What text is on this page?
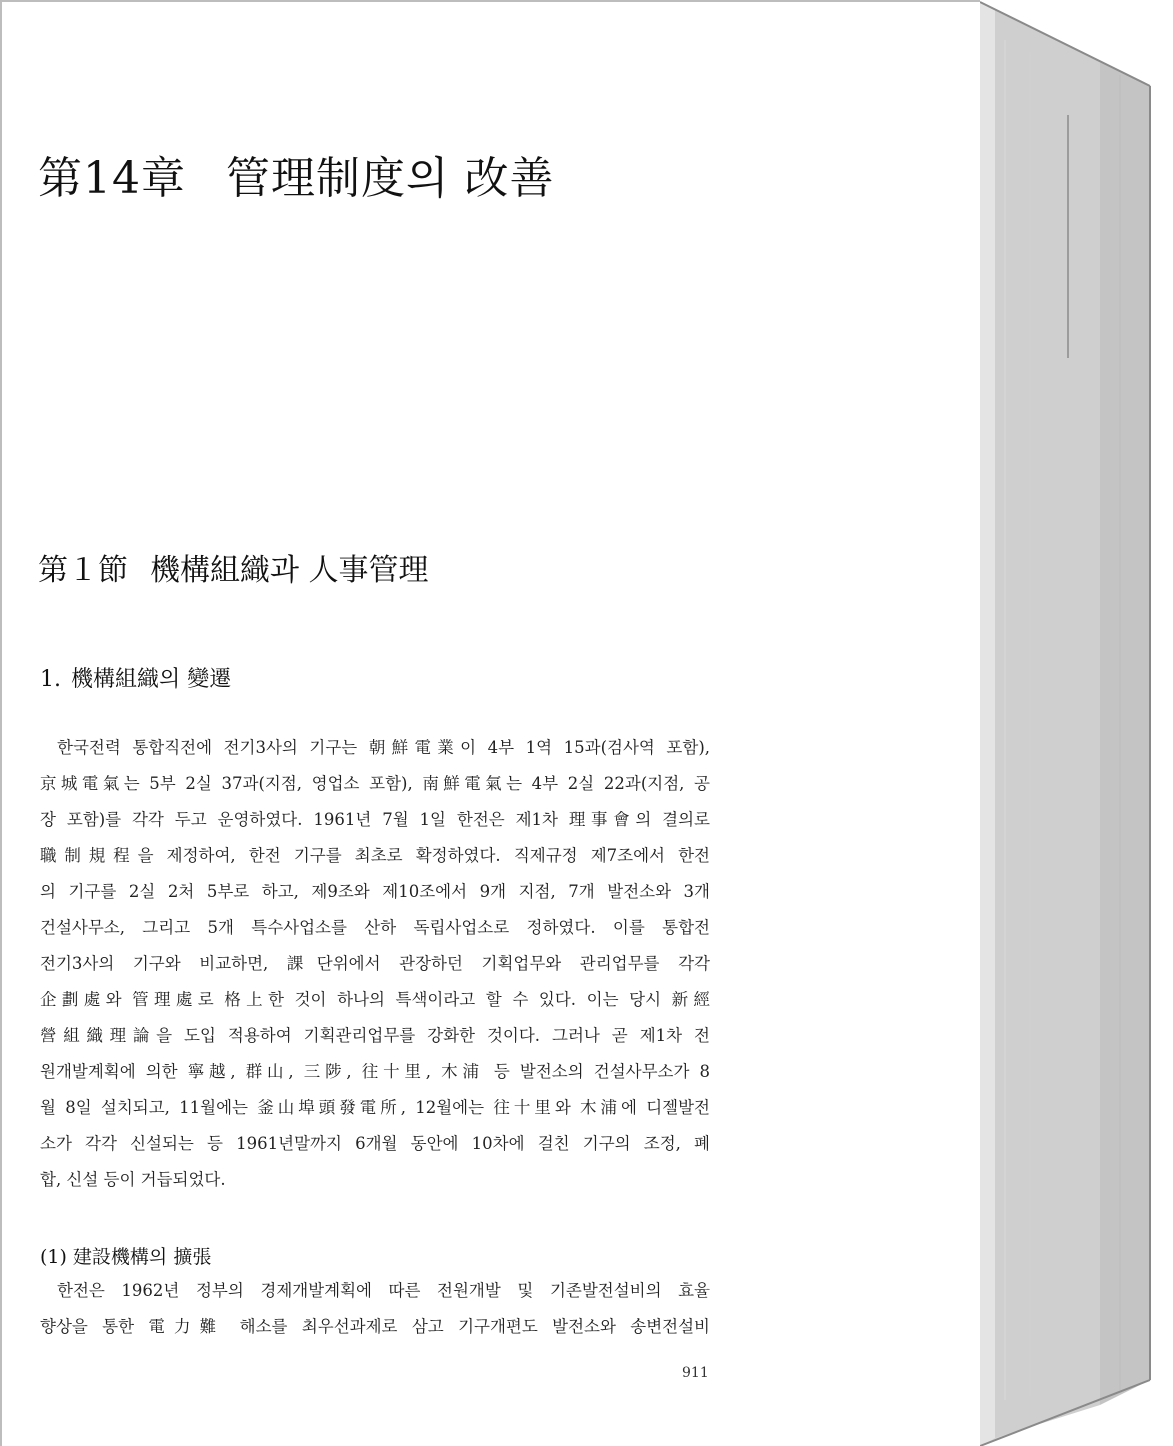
第14章 管理制度의 改善
第１節 機構組織과 人事管理
1. 機構組織의 變遷
한국전력 통합직전에 전기3사의 기구는 朝鮮電業이 4부 1역 15과(검사역 포함),
京城電氣는 5부 2실 37과(지점, 영업소 포함), 南鮮電氣는 4부 2실 22과(지점, 공
장 포함)를 각각 두고 운영하였다. 1961년 7월 1일 한전은 제1차 理事會의 결의로
職制規程을 제정하여, 한전 기구를 최초로 확정하였다. 직제규정 제7조에서 한전
의 기구를 2실 2처 5부로 하고, 제9조와 제10조에서 9개 지점, 7개 발전소와 3개
건설사무소, 그리고 5개 특수사업소를 산하 독립사업소로 정하였다. 이를 통합전
전기3사의 기구와 비교하면, 課단위에서 관장하던 기획업무와 관리업무를 각각
企劃處와 管理處로 格上한 것이 하나의 특색이라고 할 수 있다. 이는 당시 新經
營組織理論을 도입 적용하여 기획관리업무를 강화한 것이다. 그러나 곧 제1차 전
원개발계획에 의한 寧越, 群山, 三陟, 往十里, 木浦 등 발전소의 건설사무소가 8
월 8일 설치되고, 11월에는 釜山埠頭發電所, 12월에는 往十里와 木浦에 디젤발전
소가 각각 신설되는 등 1961년말까지 6개월 동안에 10차에 걸친 기구의 조정, 폐
합, 신설 등이 거듭되었다.
(1) 建設機構의 擴張
한전은 1962년 정부의 경제개발계획에 따른 전원개발 및 기존발전설비의 효율
향상을 통한 電力難 해소를 최우선과제로 삼고 기구개편도 발전소와 송변전설비
911
